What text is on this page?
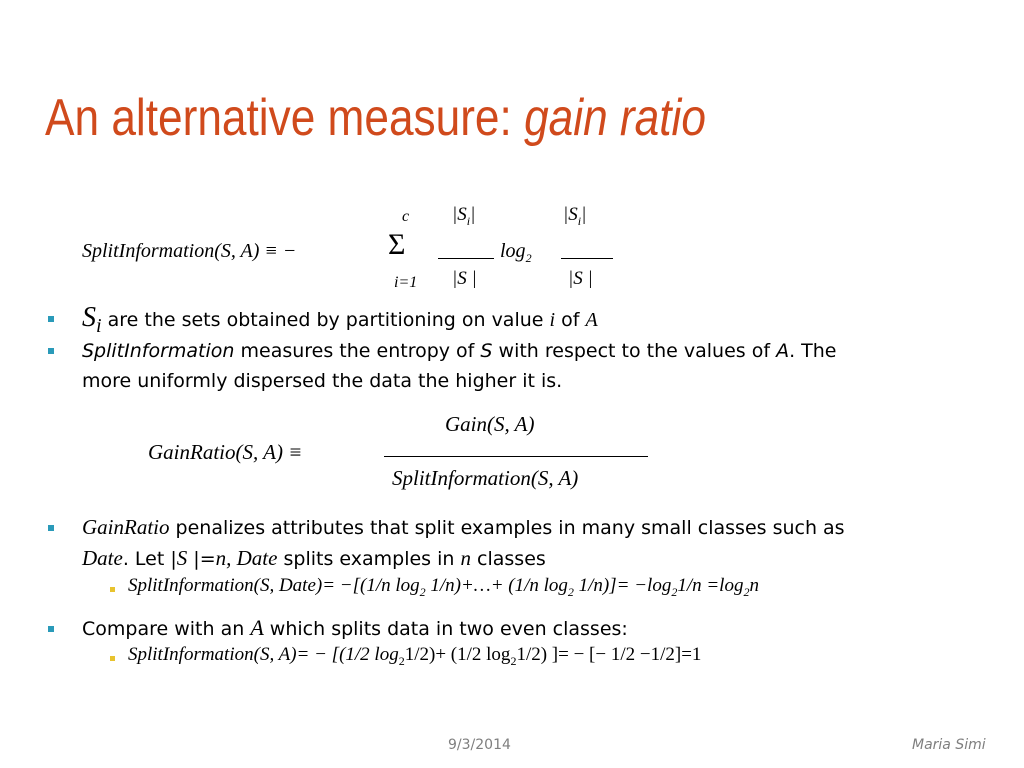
An alternative measure: gain ratio
SplitInformation(S, A) ≡ −	Σ
c
i=1
$|S_i|$
|S |
$\log_2$
$|S_i|$
|S |
Si are the sets obtained by partitioning on value i of A
SplitInformation measures the entropy of S with respect to the values of A. The
more uniformly dispersed the data the higher it is.
GainRatio(S, A) ≡
Gain(S, A)
SplitInformation(S, A)
GainRatio penalizes attributes that split examples in many small classes such as
Date. Let |S |=n, Date splits examples in n classes
SplitInformation(S, Date)= −[(1/n $\log_2$ 1/n)+…+ (1/n $\log_2 1/n)]= -\log_21/n =\log_2n$
Compare with an A which splits data in two even classes:
SplitInformation(S, A)= − [(1/2 $\log_21/2)+ (1/2$ $\log_21/2$) ]= − [− 1/2 −1/2]=1
9/3/2014	Maria Simi
